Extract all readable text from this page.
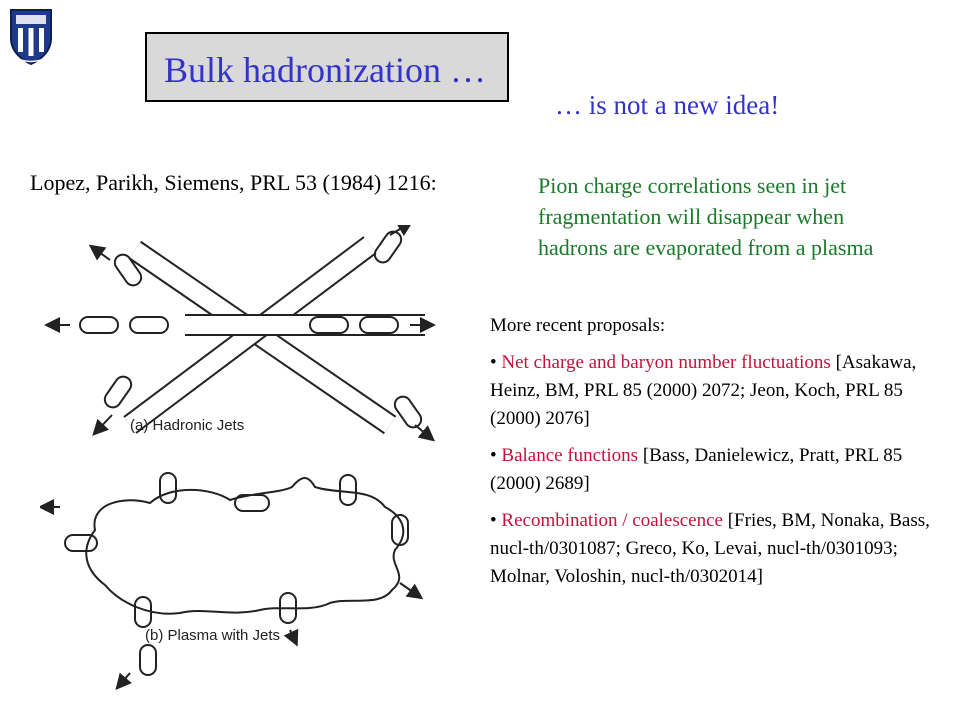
Bulk hadronization …
… is not a new idea!
Lopez, Parikh, Siemens, PRL 53 (1984) 1216:	Pion charge correlations seen in jet
fragmentation will disappear when
hadrons are evaporated from a plasma
(a) Hadronic Jets
(b) Plasma with Jets
More recent proposals:
• Net charge and baryon number fluctuations [Asakawa, Heinz, BM, PRL 85 (2000) 2072; Jeon, Koch, PRL 85 (2000) 2076]
• Balance functions [Bass, Danielewicz, Pratt, PRL 85 (2000) 2689]
• Recombination / coalescence [Fries, BM, Nonaka, Bass, nucl-th/0301087; Greco, Ko, Levai, nucl-th/0301093; Molnar, Voloshin, nucl-th/0302014]
